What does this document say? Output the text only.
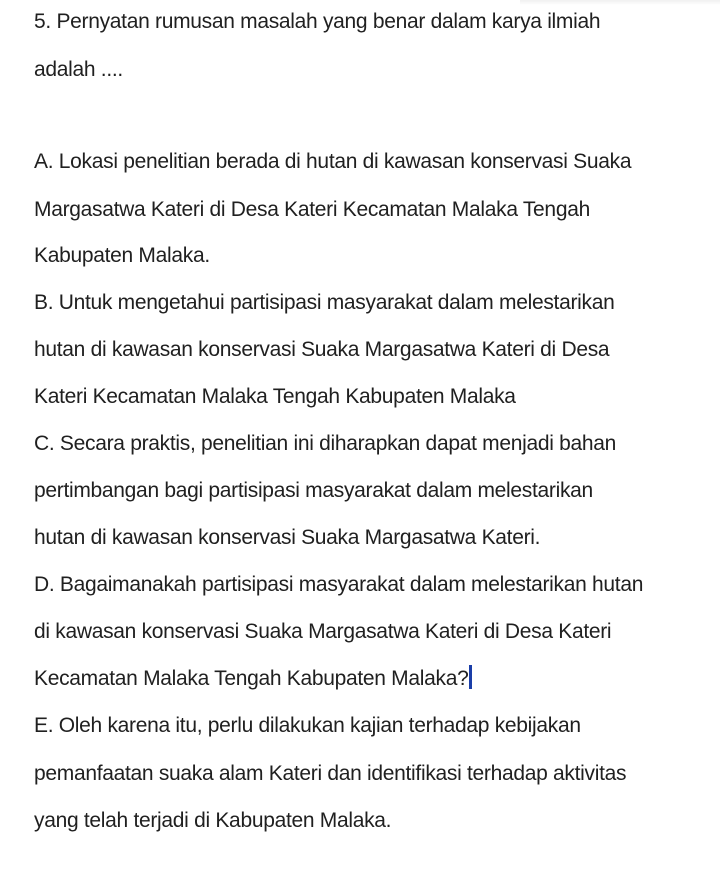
5. Pernyatan rumusan masalah yang benar dalam karya ilmiah
adalah ....
A. Lokasi penelitian berada di hutan di kawasan konservasi Suaka
Margasatwa Kateri di Desa Kateri Kecamatan Malaka Tengah
Kabupaten Malaka.
B. Untuk mengetahui partisipasi masyarakat dalam melestarikan
hutan di kawasan konservasi Suaka Margasatwa Kateri di Desa
Kateri Kecamatan Malaka Tengah Kabupaten Malaka
C. Secara praktis, penelitian ini diharapkan dapat menjadi bahan
pertimbangan bagi partisipasi masyarakat dalam melestarikan
hutan di kawasan konservasi Suaka Margasatwa Kateri.
D. Bagaimanakah partisipasi masyarakat dalam melestarikan hutan
di kawasan konservasi Suaka Margasatwa Kateri di Desa Kateri
Kecamatan Malaka Tengah Kabupaten Malaka?
E. Oleh karena itu, perlu dilakukan kajian terhadap kebijakan
pemanfaatan suaka alam Kateri dan identifikasi terhadap aktivitas
yang telah terjadi di Kabupaten Malaka.
